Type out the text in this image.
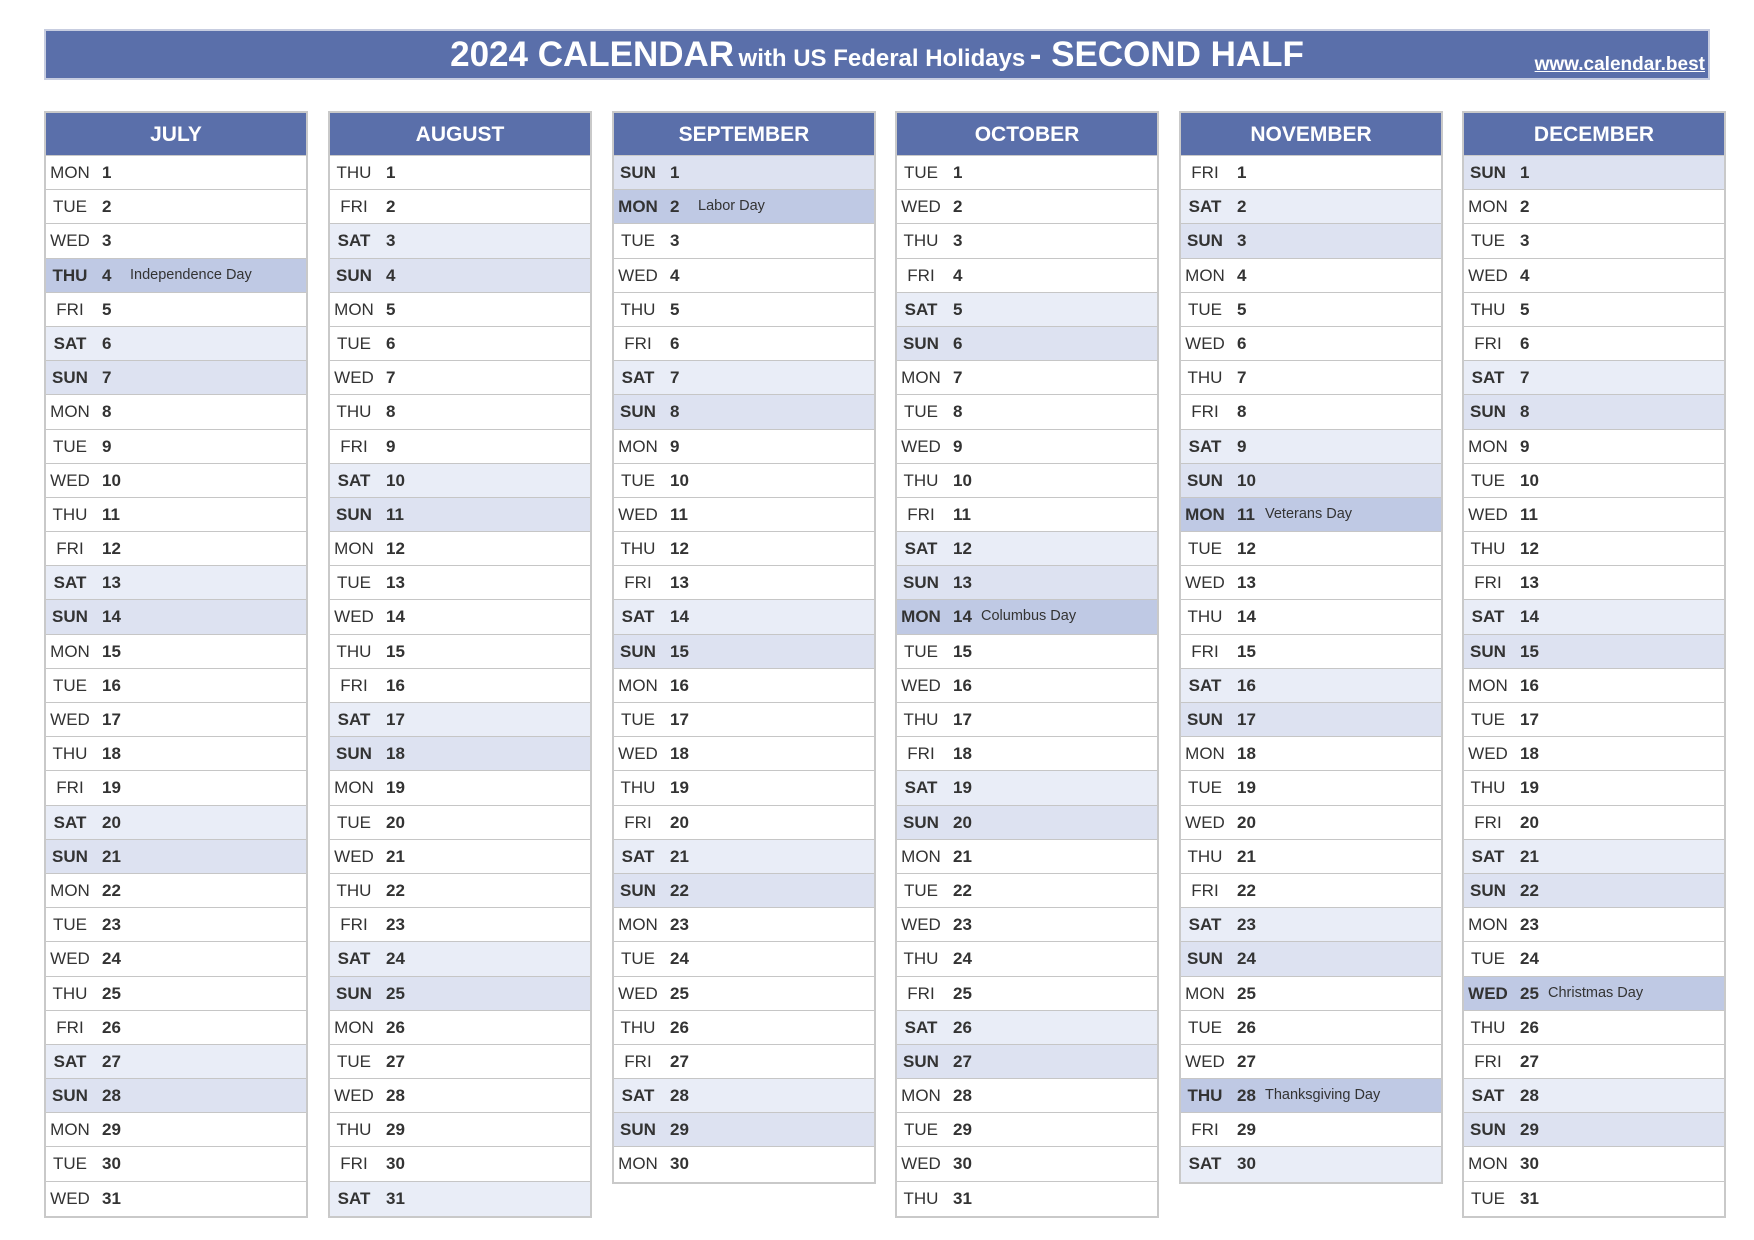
2024 CALENDAR with US Federal Holidays - SECOND HALF	www.calendar.best
JULY
MON 1
TUE 2
WED 3
THU 4 Independence Day
FRI	5
SAT 6
SUN 7
MON 8
TUE 9
WED 10
THU 11
FRI	12
SAT 13
SUN 14
MON 15
TUE 16
WED 17
THU 18
FRI	19
SAT 20
SUN 21
MON 22
TUE 23
WED 24
THU 25
FRI	26
SAT 27
SUN 28
MON 29
TUE 30
WED 31
AUGUST
THU 1
FRI	2
SAT 3
SUN 4
MON 5
TUE 6
WED 7
THU 8
FRI	9
SAT 10
SUN 11
MON 12
TUE 13
WED 14
THU 15
FRI	16
SAT 17
SUN 18
MON 19
TUE 20
WED 21
THU 22
FRI	23
SAT 24
SUN 25
MON 26
TUE 27
WED 28
THU 29
FRI	30
SAT 31
SEPTEMBER
SUN 1
MON 2 Labor Day
TUE 3
WED 4
THU 5
FRI	6
SAT 7
SUN 8
MON 9
TUE 10
WED 11
THU 12
FRI	13
SAT 14
SUN 15
MON 16
TUE 17
WED 18
THU 19
FRI	20
SAT 21
SUN 22
MON 23
TUE 24
WED 25
THU 26
FRI	27
SAT 28
SUN 29
MON 30
OCTOBER
TUE 1
WED 2
THU 3
FRI	4
SAT 5
SUN 6
MON 7
TUE 8
WED 9
THU 10
FRI	11
SAT 12
SUN 13
MON 14 Columbus Day
TUE 15
WED 16
THU 17
FRI	18
SAT 19
SUN 20
MON 21
TUE 22
WED 23
THU 24
FRI	25
SAT 26
SUN 27
MON 28
TUE 29
WED 30
THU 31
NOVEMBER
FRI	1
SAT 2
SUN 3
MON 4
TUE 5
WED 6
THU 7
FRI	8
SAT 9
SUN 10
MON 11 Veterans Day
TUE 12
WED 13
THU 14
FRI	15
SAT 16
SUN 17
MON 18
TUE 19
WED 20
THU 21
FRI	22
SAT 23
SUN 24
MON 25
TUE 26
WED 27
THU 28 Thanksgiving Day
FRI	29
SAT 30
DECEMBER
SUN 1
MON 2
TUE 3
WED 4
THU 5
FRI	6
SAT 7
SUN 8
MON 9
TUE 10
WED 11
THU 12
FRI	13
SAT 14
SUN 15
MON 16
TUE 17
WED 18
THU 19
FRI	20
SAT 21
SUN 22
MON 23
TUE 24
WED 25 Christmas Day
THU 26
FRI	27
SAT 28
SUN 29
MON 30
TUE 31
